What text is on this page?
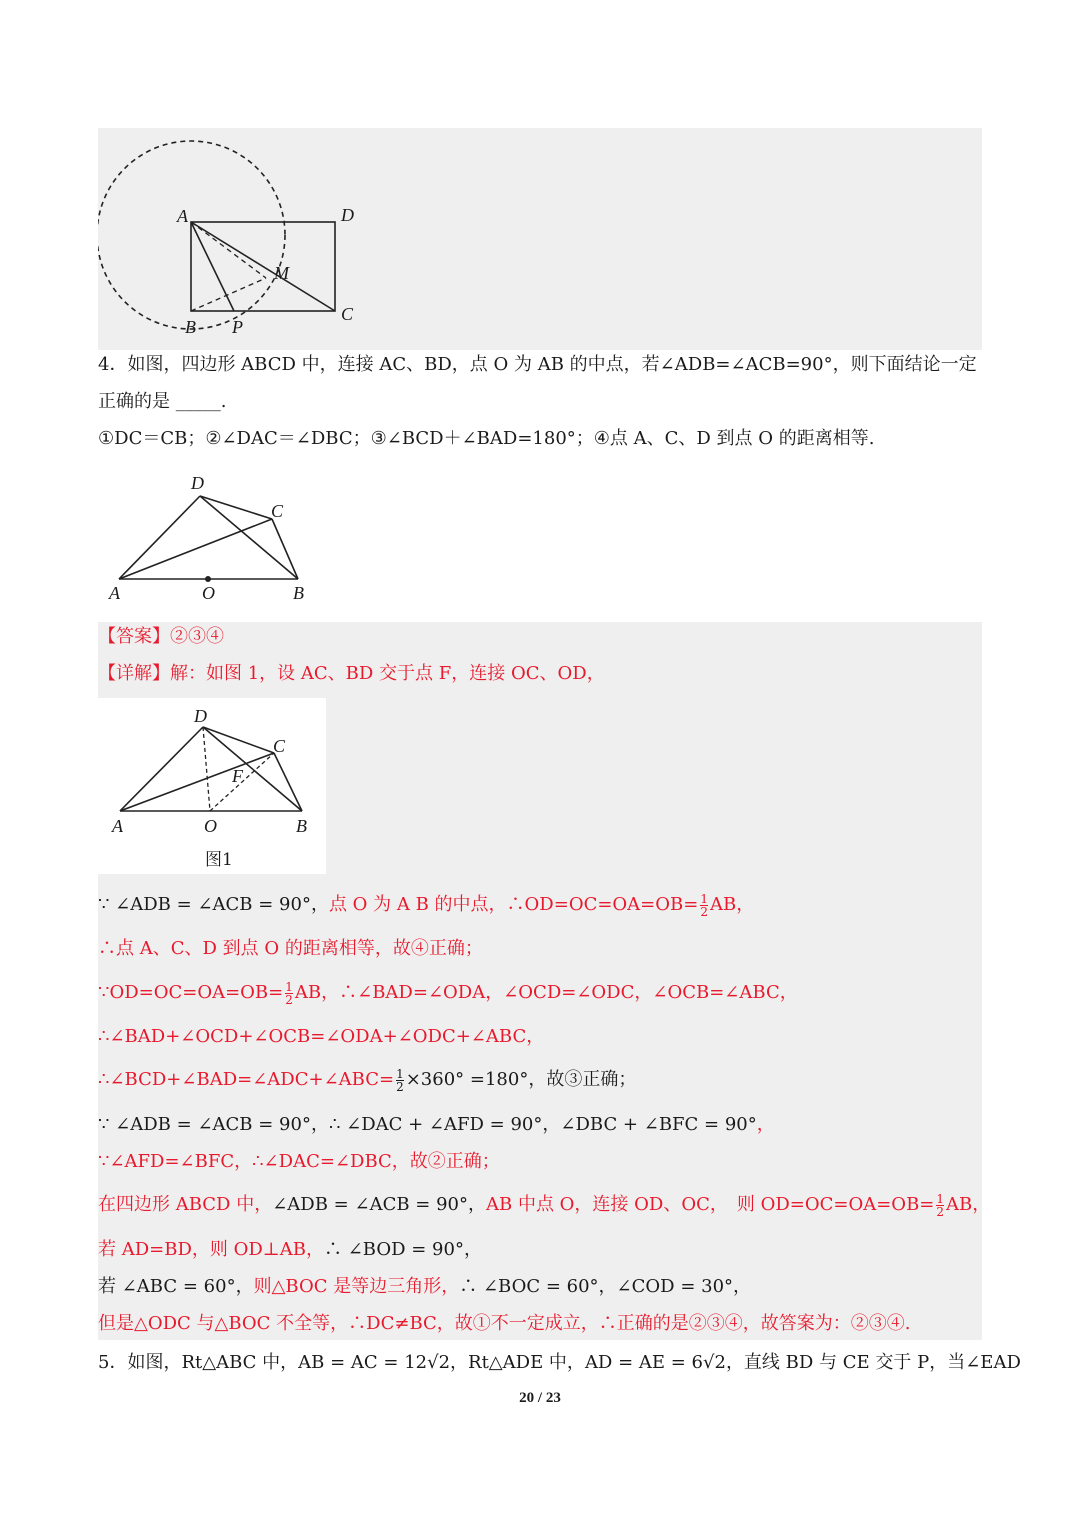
A	D
M
B P
C
4．如图，四边形 ABCD 中，连接 AC、BD，点 O 为 AB 的中点，若∠ADB=∠ACB=90°，则下面结论一定
正确的是 _____.
①DC＝CB；②∠DAC＝∠DBC；③∠BCD＋∠BAD=180°；④点 A、C、D 到点 O 的距离相等.
D
C
A	O	B
【答案】②③④
【详解】解：如图 1，设 AC、BD 交于点 F，连接 OC、OD，
D
C
F
A	O	B
图1
∵ ∠ADB = ∠ACB = 90°，点 O 为 A B 的中点，∴OD=OC=OA=OB= $\frac{1}{2}$ AB，
∴点 A、C、D 到点 O 的距离相等，故④正确；
∵OD=OC=OA=OB= $\frac{1}{2}$ AB，∴∠BAD=∠ODA，∠OCD=∠ODC，∠OCB=∠ABC，
∴∠BAD+∠OCD+∠OCB=∠ODA+∠ODC+∠ABC，
∴∠BCD+∠BAD=∠ADC+∠ABC= $\frac{1}{2} \times 360^\circ =180^\circ$，故③正确；
∵ ∠ADB = ∠ACB = 90°，∴ ∠DAC + ∠AFD = 90°，∠DBC + ∠BFC = 90°，
∵∠AFD=∠BFC，∴∠DAC=∠DBC，故②正确；
在四边形 ABCD 中，∠ADB = ∠ACB = 90°，AB 中点 O，连接 OD、OC，　则 $OD=OC=OA=OB= \frac{1}{2}$ AB，
若 AD=BD，则 OD⊥AB，∴ ∠BOD = 90°，
若 ∠ABC = 60°，则△BOC 是等边三角形，∴ ∠BOC = 60°，∠COD = 30°，
但是△ODC 与△BOC 不全等，∴DC≠BC，故①不一定成立，∴正确的是②③④，故答案为：②③④.
5．如图，Rt△ABC 中，AB = AC = 12√2，Rt△ADE 中，AD = AE = 6√2，直线 BD 与 CE 交于 P，当∠EAD
20 / 23
